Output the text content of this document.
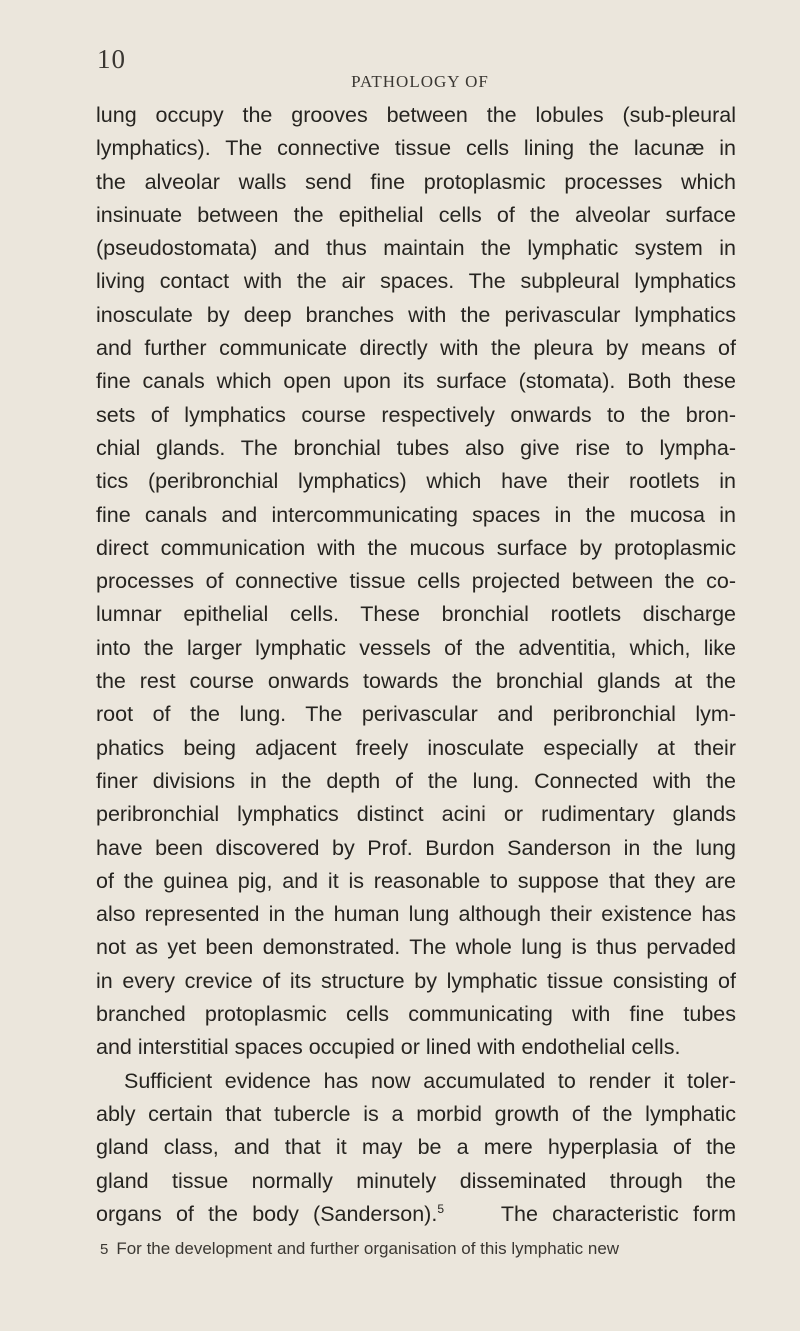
10
PATHOLOGY OF
lung occupy the grooves between the lobules (sub-pleural
lymphatics). The connective tissue cells lining the lacunæ in
the alveolar walls send fine protoplasmic processes which
insinuate between the epithelial cells of the alveolar surface
(pseudostomata) and thus maintain the lymphatic system in
living contact with the air spaces. The subpleural lymphatics
inosculate by deep branches with the perivascular lymphatics
and further communicate directly with the pleura by means of
fine canals which open upon its surface (stomata). Both these
sets of lymphatics course respectively onwards to the bron-
chial glands. The bronchial tubes also give rise to lympha-
tics (peribronchial lymphatics) which have their rootlets in
fine canals and intercommunicating spaces in the mucosa in
direct communication with the mucous surface by protoplasmic
processes of connective tissue cells projected between the co-
lumnar epithelial cells. These bronchial rootlets discharge
into the larger lymphatic vessels of the adventitia, which, like
the rest course onwards towards the bronchial glands at the
root of the lung. The perivascular and peribronchial lym-
phatics being adjacent freely inosculate especially at their
finer divisions in the depth of the lung. Connected with the
peribronchial lymphatics distinct acini or rudimentary glands
have been discovered by Prof. Burdon Sanderson in the lung
of the guinea pig, and it is reasonable to suppose that they are
also represented in the human lung although their existence has
not as yet been demonstrated. The whole lung is thus pervaded
in every crevice of its structure by lymphatic tissue consisting of
branched protoplasmic cells communicating with fine tubes
and interstitial spaces occupied or lined with endothelial cells.
Sufficient evidence has now accumulated to render it toler-
ably certain that tubercle is a morbid growth of the lymphatic
gland class, and that it may be a mere hyperplasia of the
gland tissue normally minutely disseminated through the
organs of the body (Sanderson).$^5$	The characteristic form
5 For the development and further organisation of this lymphatic new
